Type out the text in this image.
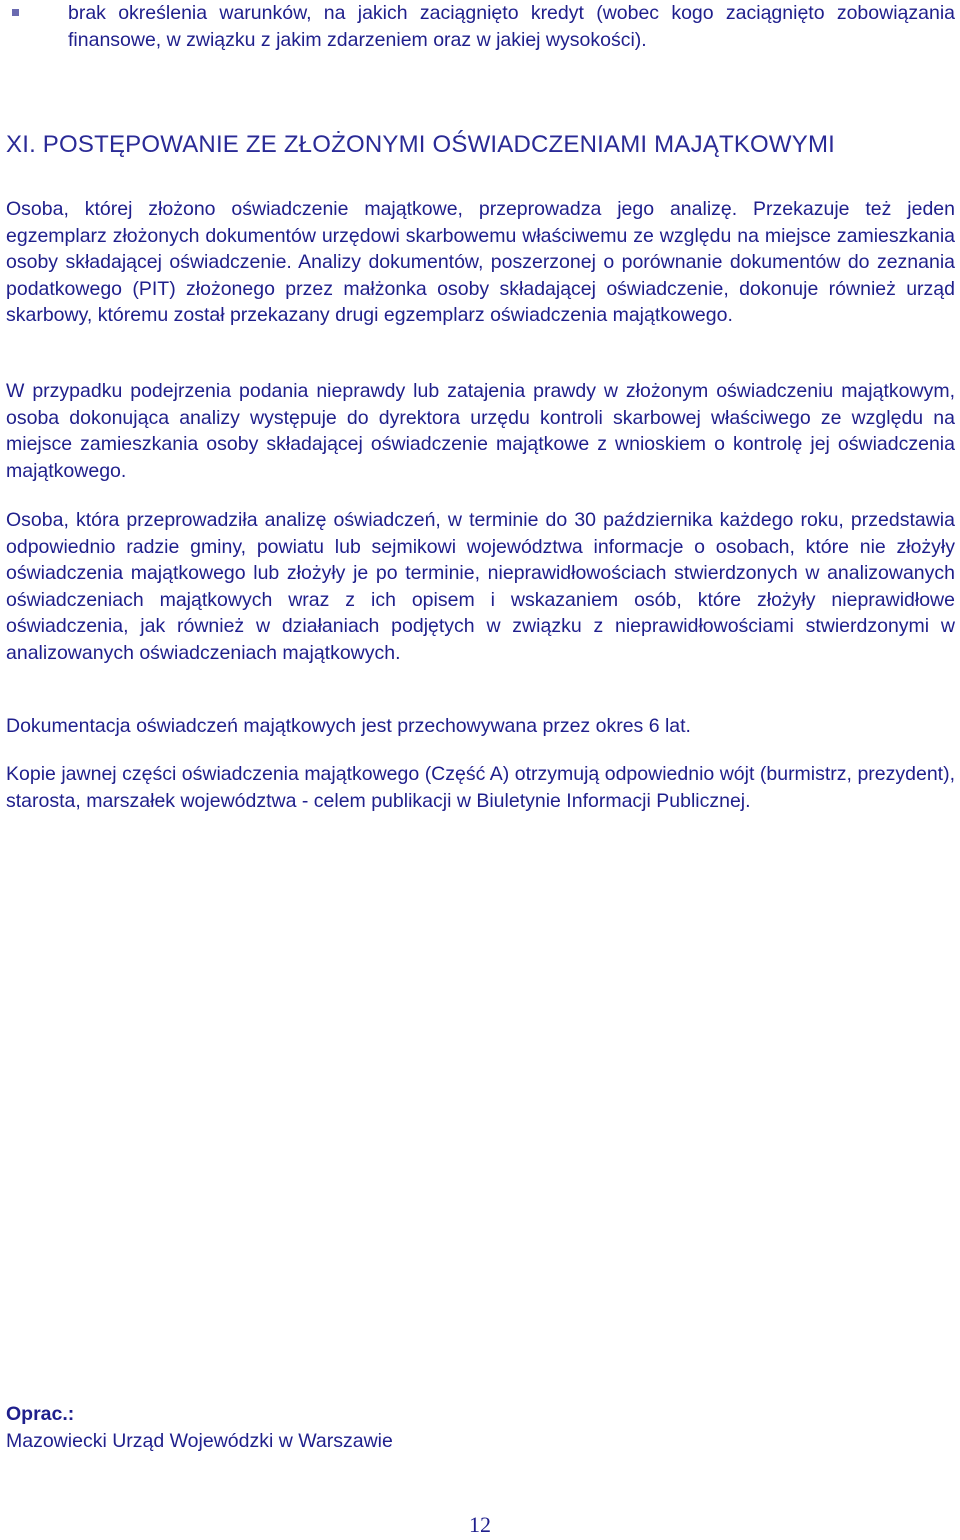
brak określenia warunków, na jakich zaciągnięto kredyt (wobec kogo zaciągnięto zobowiązania finansowe, w związku z jakim zdarzeniem oraz w jakiej wysokości).
XI. POSTĘPOWANIE ZE ZŁOŻONYMI OŚWIADCZENIAMI MAJĄTKOWYMI

Osoba, której złożono oświadczenie majątkowe, przeprowadza jego analizę. Przekazuje też jeden egzemplarz złożonych dokumentów urzędowi skarbowemu właściwemu ze względu na miejsce zamieszkania osoby składającej oświadczenie. Analizy dokumentów, poszerzonej o porównanie dokumentów do zeznania podatkowego (PIT) złożonego przez małżonka osoby składającej oświadczenie, dokonuje również urząd skarbowy, któremu został przekazany drugi egzemplarz oświadczenia majątkowego.

W przypadku podejrzenia podania nieprawdy lub zatajenia prawdy w złożonym oświadczeniu majątkowym, osoba dokonująca analizy występuje do dyrektora urzędu kontroli skarbowej właściwego ze względu na miejsce zamieszkania osoby składającej oświadczenie majątkowe z wnioskiem o kontrolę jej oświadczenia majątkowego.

Osoba, która przeprowadziła analizę oświadczeń, w terminie do 30 października każdego roku, przedstawia odpowiednio radzie gminy, powiatu lub sejmikowi województwa informacje o osobach, które nie złożyły oświadczenia majątkowego lub złożyły je po terminie, nieprawidłowościach stwierdzonych w analizowanych oświadczeniach majątkowych wraz z ich opisem i wskazaniem osób, które złożyły nieprawidłowe oświadczenia, jak również w działaniach podjętych w związku z nieprawidłowościami stwierdzonymi w analizowanych oświadczeniach majątkowych.

Dokumentacja oświadczeń majątkowych jest przechowywana przez okres 6 lat.

Kopie jawnej części oświadczenia majątkowego (Część A) otrzymują odpowiednio wójt (burmistrz, prezydent), starosta, marszałek województwa - celem publikacji w Biuletynie Informacji Publicznej.

Oprac.:
Mazowiecki Urząd Wojewódzki w Warszawie
12
